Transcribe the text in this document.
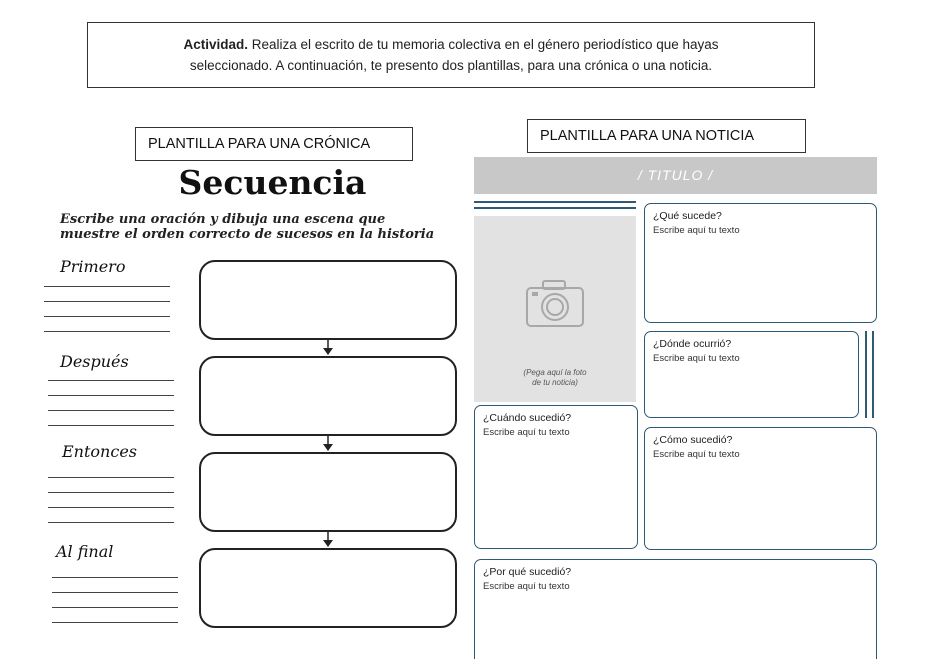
Actividad. Realiza el escrito de tu memoria colectiva en el género periodístico que hayas
seleccionado. A continuación, te presento dos plantillas, para una crónica o una noticia.
PLANTILLA PARA UNA CRÓNICA
Secuencia
Escribe una oración y dibuja una escena que
muestre el orden correcto de sucesos en la historia
Primero
Después
Entonces
Al final
PLANTILLA PARA UNA NOTICIA
/ TITULO /
(Pega aquí la foto
de tu noticia)
¿Qué sucede?
Escribe aquí tu texto
¿Dónde ocurrió?
Escribe aquí tu texto
¿Cuándo sucedió?
Escribe aquí tu texto
¿Cómo sucedió?
Escribe aquí tu texto
¿Por qué sucedió?
Escribe aquí tu texto
